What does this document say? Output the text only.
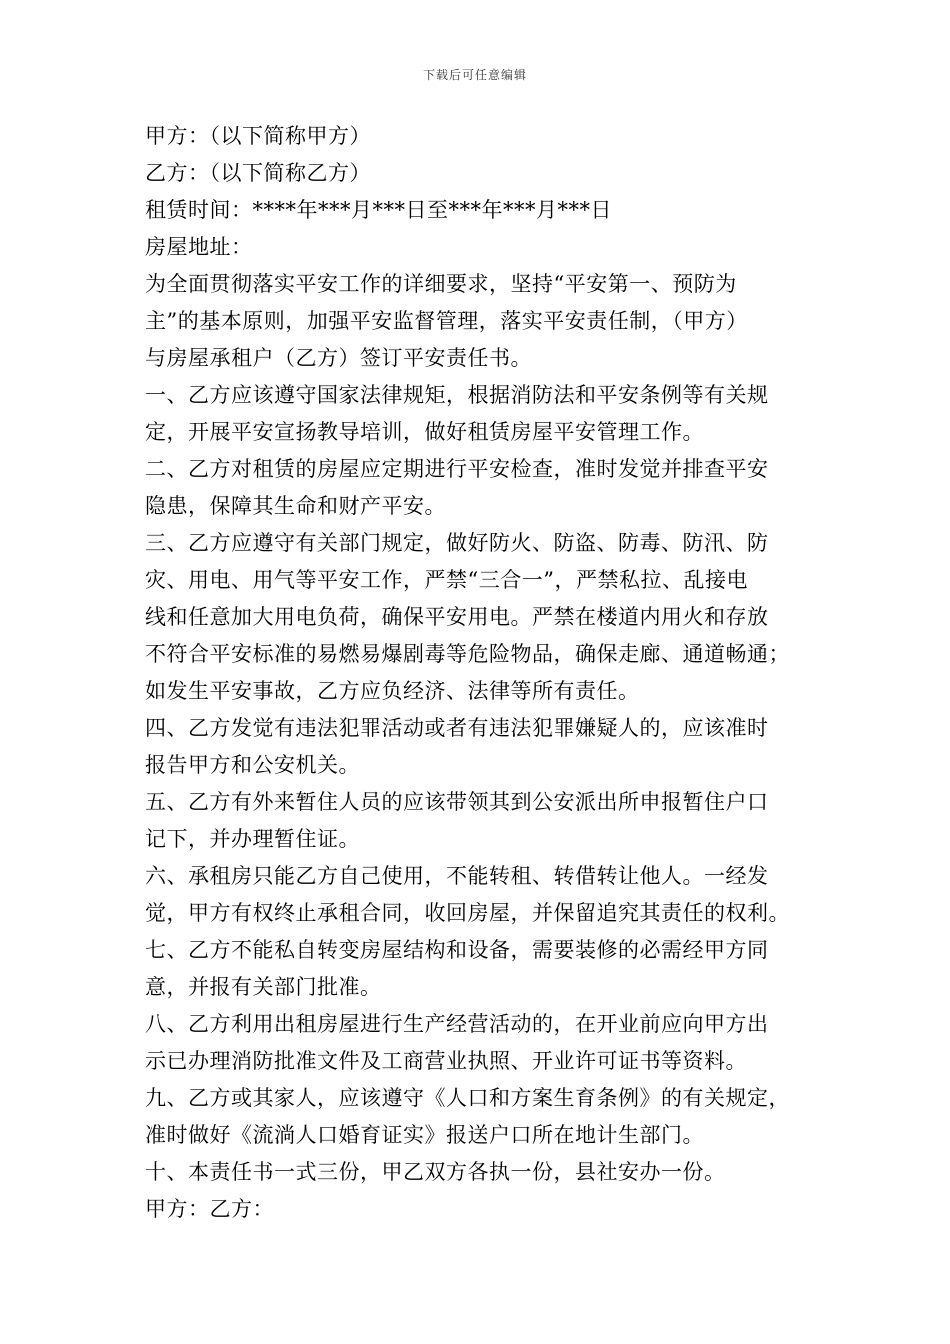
下载后可任意编辑
甲方：（以下简称甲方）
乙方：（以下简称乙方）
租赁时间：****年***月***日至***年***月***日
房屋地址：
为全面贯彻落实平安工作的详细要求，坚持“平安第一、预防为
主”的基本原则，加强平安监督管理，落实平安责任制，（甲方）
与房屋承租户（乙方）签订平安责任书。
一、乙方应该遵守国家法律规矩，根据消防法和平安条例等有关规
定，开展平安宣扬教导培训，做好租赁房屋平安管理工作。
二、乙方对租赁的房屋应定期进行平安检查，准时发觉并排查平安
隐患，保障其生命和财产平安。
三、乙方应遵守有关部门规定，做好防火、防盗、防毒、防汛、防
灾、用电、用气等平安工作，严禁“三合一”，严禁私拉、乱接电
线和任意加大用电负荷，确保平安用电。严禁在楼道内用火和存放
不符合平安标准的易燃易爆剧毒等危险物品，确保走廊、通道畅通；
如发生平安事故，乙方应负经济、法律等所有责任。
四、乙方发觉有违法犯罪活动或者有违法犯罪嫌疑人的，应该准时
报告甲方和公安机关。
五、乙方有外来暂住人员的应该带领其到公安派出所申报暂住户口
记下，并办理暂住证。
六、承租房只能乙方自己使用，不能转租、转借转让他人。一经发
觉，甲方有权终止承租合同，收回房屋，并保留追究其责任的权利。
七、乙方不能私自转变房屋结构和设备，需要装修的必需经甲方同
意，并报有关部门批准。
八、乙方利用出租房屋进行生产经营活动的，在开业前应向甲方出
示已办理消防批准文件及工商营业执照、开业许可证书等资料。
九、乙方或其家人，应该遵守《人口和方案生育条例》的有关规定，
准时做好《流淌人口婚育证实》报送户口所在地计生部门。
十、本责任书一式三份，甲乙双方各执一份，县社安办一份。
甲方：乙方：
